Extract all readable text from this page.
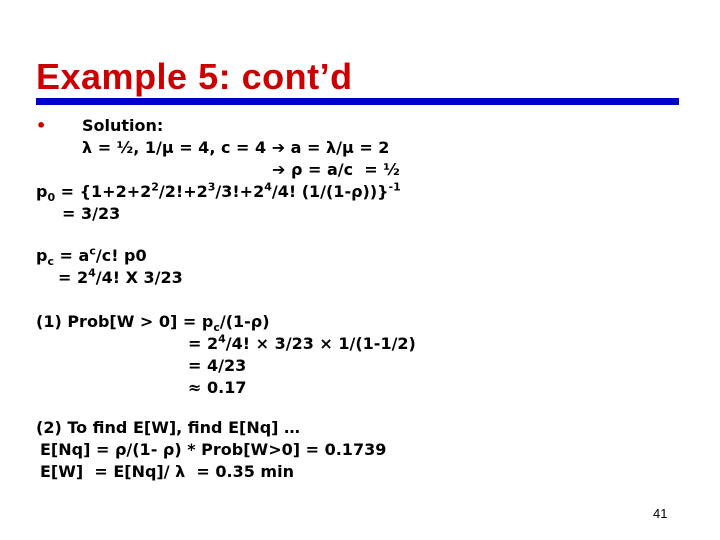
Example 5: cont’d
• Solution:
λ = ½, 1/μ = 4, c = 4 ➔ a = λ/μ = 2
➔ ρ = a/c  = ½
$p_0 = \{1+2+2^2/2!+2^3/3!+2^4/4$! (1/(1-ρ))}$^{-1}$
= 3/23
$p_c = a^c/c$! p0
= $2^4/4$! X 3/23
(1) Prob[W > $0] = p_c/(1-\rho)$
= $2^4/4$! × 3/23 × 1/(1-1/2)
= 4/23
≈ 0.17
(2) To find E[W], find E[Nq] …
E[Nq] = ρ/(1- ρ) * Prob[W>0] = 0.1739
E[W]  = E[Nq]/ λ  = 0.35 min
41
